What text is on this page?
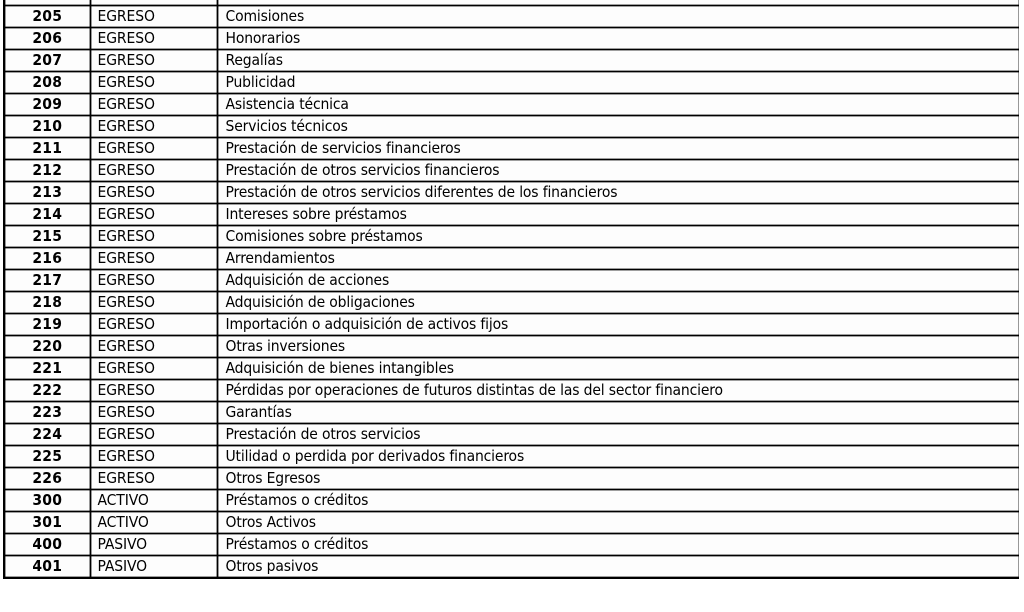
205	EGRESO	Comisiones
206	EGRESO	Honorarios
207	EGRESO	Regalías
208	EGRESO	Publicidad
209	EGRESO	Asistencia técnica
210	EGRESO	Servicios técnicos
211	EGRESO	Prestación de servicios financieros
212	EGRESO	Prestación de otros servicios financieros
213	EGRESO	Prestación de otros servicios diferentes de los financieros
214	EGRESO	Intereses sobre préstamos
215	EGRESO	Comisiones sobre préstamos
216	EGRESO	Arrendamientos
217	EGRESO	Adquisición de acciones
218	EGRESO	Adquisición de obligaciones
219	EGRESO	Importación o adquisición de activos fijos
220	EGRESO	Otras inversiones
221	EGRESO	Adquisición de bienes intangibles
222	EGRESO	Pérdidas por operaciones de futuros distintas de las del sector financiero
223	EGRESO	Garantías
224	EGRESO	Prestación de otros servicios
225	EGRESO	Utilidad o perdida por derivados financieros
226	EGRESO	Otros Egresos
300	ACTIVO	Préstamos o créditos
301	ACTIVO	Otros Activos
400	PASIVO	Préstamos o créditos
401	PASIVO	Otros pasivos
